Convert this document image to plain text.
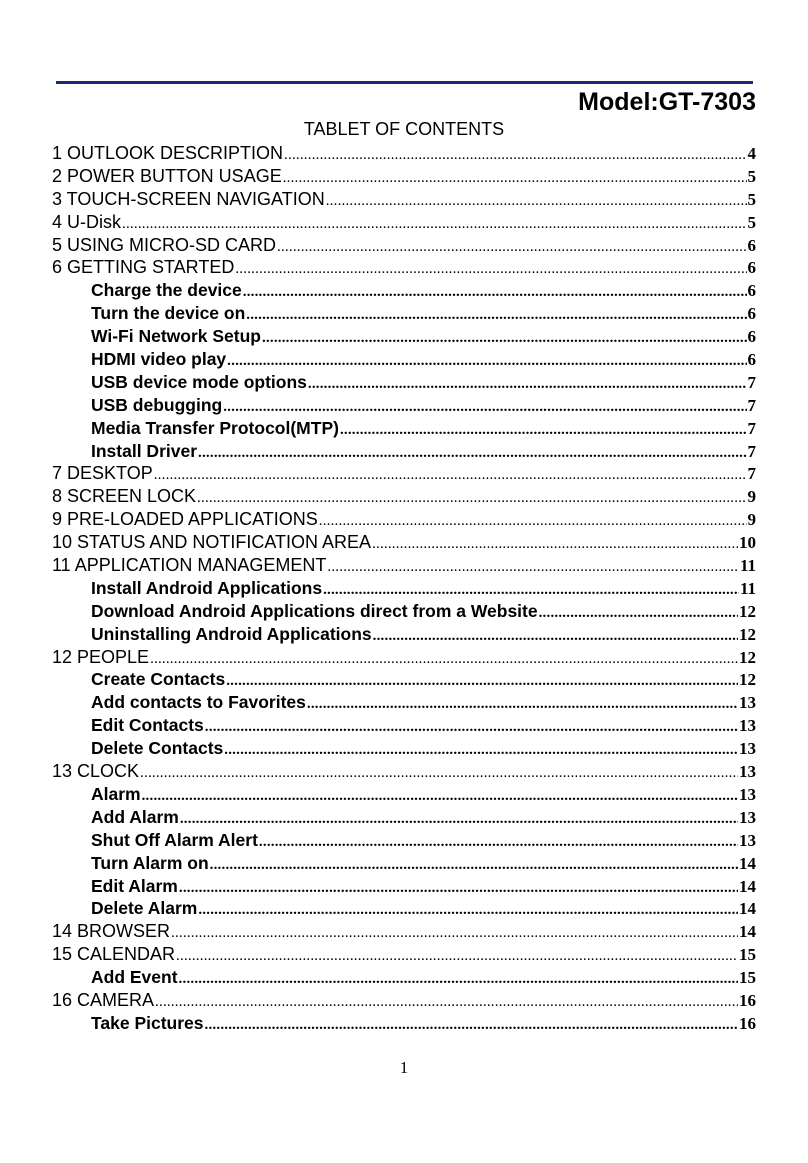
Model:GT-7303
TABLET OF CONTENTS
1 OUTLOOK DESCRIPTION .....	4
2 POWER BUTTON USAGE .....	5
3 TOUCH-SCREEN NAVIGATION .....	5
4 U-Disk .....	5
5 USING MICRO-SD CARD .....	6
6 GETTING STARTED .....	6
Charge the device .....	6
Turn the device on .....	6
Wi-Fi Network Setup .....	6
HDMI video play .....	6
USB device mode options .....	7
USB debugging .....	7
Media Transfer Protocol(MTP) .....	7
Install Driver .....	7
7 DESKTOP .....	7
8 SCREEN LOCK .....	9
9 PRE-LOADED APPLICATIONS .....	9
10 STATUS AND NOTIFICATION AREA .....	10
11 APPLICATION MANAGEMENT .....	11
Install Android Applications .....	11
Download Android Applications direct from a Website .....	12
Uninstalling Android Applications .....	12
12 PEOPLE .....	12
Create Contacts .....	12
Add contacts to Favorites .....	13
Edit Contacts .....	13
Delete Contacts .....	13
13 CLOCK .....	13
Alarm .....	13
Add Alarm .....	13
Shut Off Alarm Alert .....	13
Turn Alarm on .....	14
Edit Alarm .....	14
Delete Alarm .....	14
14 BROWSER .....	14
15 CALENDAR .....	15
Add Event .....	15
16 CAMERA .....	16
Take Pictures .....	16
1
